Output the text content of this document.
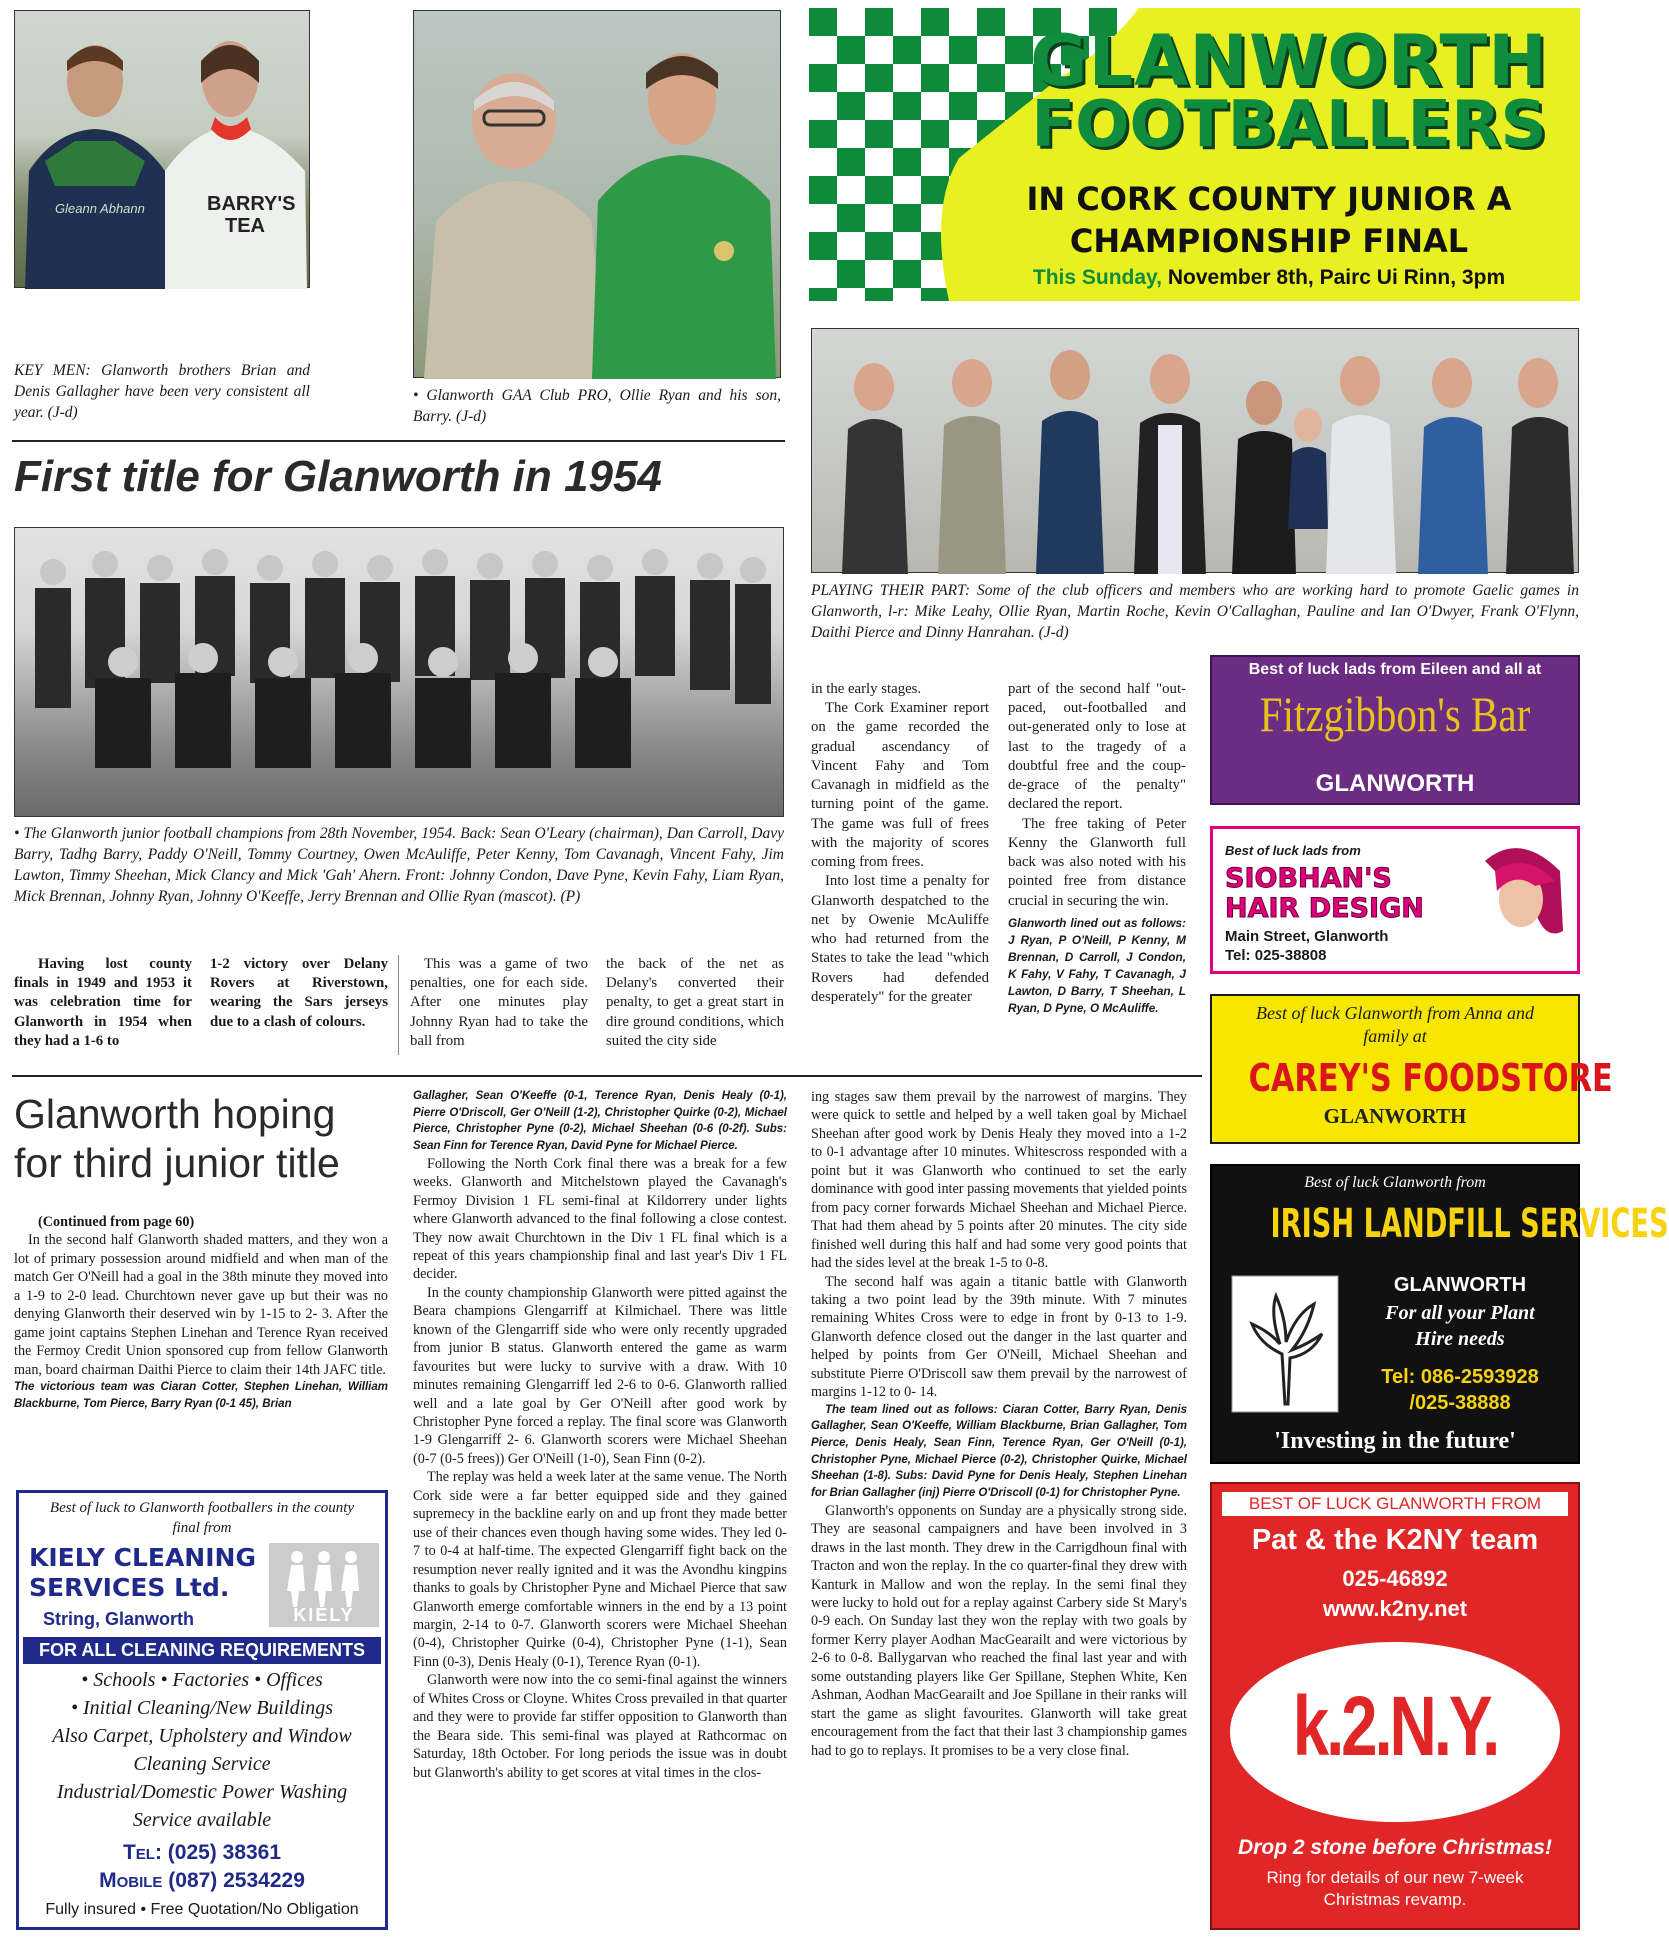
Gleann Abhann	BARRY'S
TEA
KEY MEN: Glanworth brothers Brian and Denis Gallagher have been very consistent all year. (J-d)
• Glanworth GAA Club PRO, Ollie Ryan and his son, Barry. (J-d)
GLANWORTH
FOOTBALLERS
IN CORK COUNTY JUNIOR A
CHAMPIONSHIP FINAL
This Sunday, November 8th, Pairc Ui Rinn, 3pm
PLAYING THEIR PART: Some of the club officers and members who are working hard to promote Gaelic games in Glanworth, l-r: Mike Leahy, Ollie Ryan, Martin Roche, Kevin O'Callaghan, Pauline and Ian O'Dwyer, Frank O'Flynn, Daithi Pierce and Dinny Hanrahan. (J-d)
First title for Glanworth in 1954
• The Glanworth junior football champions from 28th November, 1954. Back: Sean O'Leary (chairman), Dan Carroll, Davy Barry, Tadhg Barry, Paddy O'Neill, Tommy Courtney, Owen McAuliffe, Peter Kenny, Tom Cavanagh, Vincent Fahy, Jim Lawton, Timmy Sheehan, Mick Clancy and Mick 'Gah' Ahern. Front: Johnny Condon, Dave Pyne, Kevin Fahy, Liam Ryan, Mick Brennan, Johnny Ryan, Johnny O'Keeffe, Jerry Brennan and Ollie Ryan (mascot). (P)

Having lost county finals in 1949 and 1953 it was celebration time for Glanworth in 1954 when they had a 1-6 to

1-2 victory over Delany Rovers at Riverstown, wearing the Sars jerseys due to a clash of colours.

This was a game of two penalties, one for each side. After one minutes play Johnny Ryan had to take the ball from

the back of the net as Delany's converted their penalty, to get a great start in dire ground conditions, which suited the city side

in the early stages.

The Cork Examiner report on the game recorded the gradual ascendancy of Vincent Fahy and Tom Cavanagh in midfield as the turning point of the game. The game was full of frees with the majority of scores coming from frees.

Into lost time a penalty for Glanworth despatched to the net by Owenie McAuliffe who had returned from the States to take the lead "which Rovers had defended desperately" for the greater

part of the second half "out-paced, out-footballed and out-generated only to lose at last to the tragedy of a doubtful free and the coup-de-grace of the penalty" declared the report.

The free taking of Peter Kenny the Glanworth full back was also noted with his pointed free from distance crucial in securing the win.

Glanworth lined out as follows: J Ryan, P O'Neill, P Kenny, M Brennan, D Carroll, J Condon, K Fahy, V Fahy, T Cavanagh, J Lawton, D Barry, T Sheehan, L Ryan, D Pyne, O McAuliffe.

Glanworth hoping for third junior title

(Continued from page 60)

In the second half Glanworth shaded matters, and they won a lot of primary possession around midfield and when man of the match Ger O'Neill had a goal in the 38th minute they moved into a 1-9 to 2-0 lead. Churchtown never gave up but their was no denying Glanworth their deserved win by 1-15 to 2- 3. After the game joint captains Stephen Linehan and Terence Ryan received the Fermoy Credit Union sponsored cup from fellow Glanworth man, board chairman Daithi Pierce to claim their 14th JAFC title.

The victorious team was Ciaran Cotter, Stephen Linehan, William Blackburne, Tom Pierce, Barry Ryan (0-1 45), Brian

Gallagher, Sean O'Keeffe (0-1, Terence Ryan, Denis Healy (0-1), Pierre O'Driscoll, Ger O'Neill (1-2), Christopher Quirke (0-2), Michael Pierce, Christopher Pyne (0-2), Michael Sheehan (0-6 (0-2f). Subs: Sean Finn for Terence Ryan, David Pyne for Michael Pierce.

Following the North Cork final there was a break for a few weeks. Glanworth and Mitchelstown played the Cavanagh's Fermoy Division 1 FL semi-final at Kildorrery under lights where Glanworth advanced to the final following a close contest. They now await Churchtown in the Div 1 FL final which is a repeat of this years championship final and last year's Div 1 FL decider.

In the county championship Glanworth were pitted against the Beara champions Glengarriff at Kilmichael. There was little known of the Glengarriff side who were only recently upgraded from junior B status. Glanworth entered the game as warm favourites but were lucky to survive with a draw. With 10 minutes remaining Glengarriff led 2-6 to 0-6. Glanworth rallied well and a late goal by Ger O'Neill after good work by Christopher Pyne forced a replay. The final score was Glanworth 1-9 Glengarriff 2- 6. Glanworth scorers were Michael Sheehan (0-7 (0-5 frees)) Ger O'Neill (1-0), Sean Finn (0-2).

The replay was held a week later at the same venue. The North Cork side were a far better equipped side and they gained supremecy in the backline early on and up front they made better use of their chances even though having some wides. They led 0-7 to 0-4 at half-time. The expected Glengarriff fight back on the resumption never really ignited and it was the Avondhu kingpins thanks to goals by Christopher Pyne and Michael Pierce that saw Glanworth emerge comfortable winners in the end by a 13 point margin, 2-14 to 0-7. Glanworth scorers were Michael Sheehan (0-4), Christopher Quirke (0-4), Christopher Pyne (1-1), Sean Finn (0-3), Denis Healy (0-1), Terence Ryan (0-1).

Glanworth were now into the co semi-final against the winners of Whites Cross or Cloyne. Whites Cross prevailed in that quarter and they were to provide far stiffer opposition to Glanworth than the Beara side. This semi-final was played at Rathcormac on Saturday, 18th October. For long periods the issue was in doubt but Glanworth's ability to get scores at vital times in the clos-

ing stages saw them prevail by the narrowest of margins. They were quick to settle and helped by a well taken goal by Michael Sheehan after good work by Denis Healy they moved into a 1-2 to 0-1 advantage after 10 minutes. Whitescross responded with a point but it was Glanworth who continued to set the early dominance with good inter passing movements that yielded points from pacy corner forwards Michael Sheehan and Michael Pierce. That had them ahead by 5 points after 20 minutes. The city side finished well during this half and had some very good points that had the sides level at the break 1-5 to 0-8.

The second half was again a titanic battle with Glanworth taking a two point lead by the 39th minute. With 7 minutes remaining Whites Cross were to edge in front by 0-13 to 1-9. Glanworth defence closed out the danger in the last quarter and helped by points from Ger O'Neill, Michael Sheehan and substitute Pierre O'Driscoll saw them prevail by the narrowest of margins 1-12 to 0- 14.

The team lined out as follows: Ciaran Cotter, Barry Ryan, Denis Gallagher, Sean O'Keeffe, William Blackburne, Brian Gallagher, Tom Pierce, Denis Healy, Sean Finn, Terence Ryan, Ger O'Neill (0-1), Christopher Pyne, Michael Pierce (0-2), Christopher Quirke, Michael Sheehan (1-8). Subs: David Pyne for Denis Healy, Stephen Linehan for Brian Gallagher (inj) Pierre O'Driscoll (0-1) for Christopher Pyne.

Glanworth's opponents on Sunday are a physically strong side. They are seasonal campaigners and have been involved in 3 draws in the last month. They drew in the Carrigdhoun final with Tracton and won the replay. In the co quarter-final they drew with Kanturk in Mallow and won the replay. In the semi final they were lucky to hold out for a replay against Carbery side St Mary's 0-9 each. On Sunday last they won the replay with two goals by former Kerry player Aodhan MacGearailt and were victorious by 2-6 to 0-8. Ballygarvan who reached the final last year and with some outstanding players like Ger Spillane, Stephen White, Ken Ashman, Aodhan MacGearailt and Joe Spillane in their ranks will start the game as slight favourites. Glanworth will take great encouragement from the fact that their last 3 championship games had to go to replays. It promises to be a very close final.

Best of luck lads from Eileen and all at
Fitzgibbon's Bar
GLANWORTH
Best of luck lads from
SIOBHAN'S
HAIR DESIGN
Main Street, Glanworth
Tel: 025-38808
Best of luck Glanworth from Anna and family at
CAREY'S FOODSTORE
GLANWORTH
Best of luck Glanworth from
IRISH LANDFILL SERVICES
GLANWORTH
For all your Plant
Hire needs
Tel: 086-2593928
/025-38888
'Investing in the future'
BEST OF LUCK GLANWORTH FROM
Pat & the K2NY team
025-46892
www.k2ny.net
k.2.N.Y.
Drop 2 stone before Christmas!
Ring for details of our new 7-week
Christmas revamp.
Best of luck to Glanworth footballers in the county final from
KIELY CLEANING
SERVICES Ltd.
KIELY
String, Glanworth
FOR ALL CLEANING REQUIREMENTS
• Schools • Factories • Offices
• Initial Cleaning/New Buildings
Also Carpet, Upholstery and Window
Cleaning Service
Industrial/Domestic Power Washing
Service available
Tel: (025) 38361
Mobile (087) 2534229
Fully insured • Free Quotation/No Obligation
